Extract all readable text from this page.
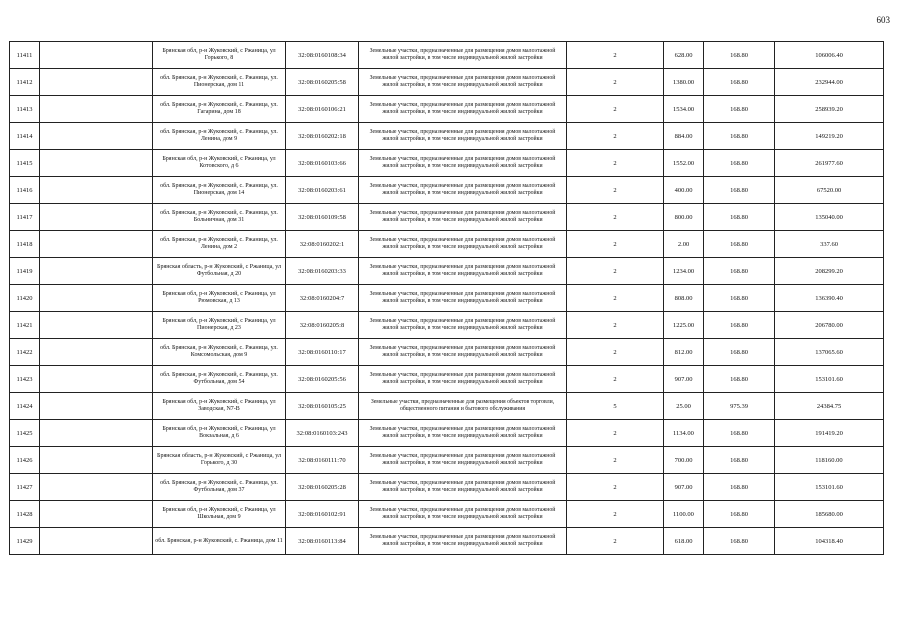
603
11411		Брянская обл, р-н Жуковский, с Ржаница, ул Горького, 8	32:08:0160108:34	Земельные участки, предназначенные для размещения домов малоэтажной жилой застройки, в том числе индивидуальной жилой застройки	2	628.00	168.80	106006.40
11412		обл. Брянская, р-н Жуковский, с. Ржаница, ул. Пионерская, дом 11	32:08:0160205:58	Земельные участки, предназначенные для размещения домов малоэтажной жилой застройки, в том числе индивидуальной жилой застройки	2	1380.00	168.80	232944.00
11413		обл. Брянская, р-н Жуковский, с. Ржаница, ул. Гагарина, дом 18	32:08:0160106:21	Земельные участки, предназначенные для размещения домов малоэтажной жилой застройки, в том числе индивидуальной жилой застройки	2	1534.00	168.80	258939.20
11414		обл. Брянская, р-н Жуковский, с. Ржаница, ул. Ленина, дом 9	32:08:0160202:18	Земельные участки, предназначенные для размещения домов малоэтажной жилой застройки, в том числе индивидуальной жилой застройки	2	884.00	168.80	149219.20
11415		Брянская обл, р-н Жуковский, с Ржаница, ул Котовского, д 6	32:08:0160103:66	Земельные участки, предназначенные для размещения домов малоэтажной жилой застройки, в том числе индивидуальной жилой застройки	2	1552.00	168.80	261977.60
11416		обл. Брянская, р-н Жуковский, с. Ржаница, ул. Пионерская, дом 14	32:08:0160203:61	Земельные участки, предназначенные для размещения домов малоэтажной жилой застройки, в том числе индивидуальной жилой застройки	2	400.00	168.80	67520.00
11417		обл. Брянская, р-н Жуковский, с. Ржаница, ул. Больничная, дом 31	32:08:0160109:58	Земельные участки, предназначенные для размещения домов малоэтажной жилой застройки, в том числе индивидуальной жилой застройки	2	800.00	168.80	135040.00
11418		обл. Брянская, р-н Жуковский, с. Ржаница, ул. Ленина, дом 2	32:08:0160202:1	Земельные участки, предназначенные для размещения домов малоэтажной жилой застройки, в том числе индивидуальной жилой застройки	2	2.00	168.80	337.60
11419		Брянская область, р-н Жуковский, с Ржаница, ул Футбольная, д 20	32:08:0160203:33	Земельные участки, предназначенные для размещения домов малоэтажной жилой застройки, в том числе индивидуальной жилой застройки	2	1234.00	168.80	208299.20
11420		Брянская обл, р-н Жуковский, с Ржаница, ул Рюмовская, д 13	32:08:0160204:7	Земельные участки, предназначенные для размещения домов малоэтажной жилой застройки, в том числе индивидуальной жилой застройки	2	808.00	168.80	136390.40
11421		Брянская обл, р-н Жуковский, с Ржаница, ул Пионерская, д 23	32:08:0160205:8	Земельные участки, предназначенные для размещения домов малоэтажной жилой застройки, в том числе индивидуальной жилой застройки	2	1225.00	168.80	206780.00
11422		обл. Брянская, р-н Жуковский, с. Ржаница, ул. Комсомольская, дом 9	32:08:0160110:17	Земельные участки, предназначенные для размещения домов малоэтажной жилой застройки, в том числе индивидуальной жилой застройки	2	812.00	168.80	137065.60
11423		обл. Брянская, р-н Жуковский, с. Ржаница, ул. Футбольная, дом 54	32:08:0160205:56	Земельные участки, предназначенные для размещения домов малоэтажной жилой застройки, в том числе индивидуальной жилой застройки	2	907.00	168.80	153101.60
11424		Брянская обл, р-н Жуковский, с Ржаница, ул Заводская, N7-В	32:08:0160105:25	Земельные участки, предназначенные для размещения объектов торговли, общественного питания и бытового обслуживания	5	25.00	975.39	24384.75
11425		Брянская обл, р-н Жуковский, с Ржаница, ул Вокзальная, д 6	32:08:0160103:243	Земельные участки, предназначенные для размещения домов малоэтажной жилой застройки, в том числе индивидуальной жилой застройки	2	1134.00	168.80	191419.20
11426		Брянская область, р-н Жуковский, с Ржаница, ул Горького, д 30	32:08:0160111:70	Земельные участки, предназначенные для размещения домов малоэтажной жилой застройки, в том числе индивидуальной жилой застройки	2	700.00	168.80	118160.00
11427		обл. Брянская, р-н Жуковский, с. Ржаница, ул. Футбольная, дом 37	32:08:0160205:28	Земельные участки, предназначенные для размещения домов малоэтажной жилой застройки, в том числе индивидуальной жилой застройки	2	907.00	168.80	153101.60
11428		Брянская обл, р-н Жуковский, с Ржаница, ул Школьная, дом 9	32:08:0160102:91	Земельные участки, предназначенные для размещения домов малоэтажной жилой застройки, в том числе индивидуальной жилой застройки	2	1100.00	168.80	185680.00
11429		обл. Брянская, р-н Жуковский, с. Ржаница, дом 11	32:08:0160113:84	Земельные участки, предназначенные для размещения домов малоэтажной жилой застройки, в том числе индивидуальной жилой застройки	2	618.00	168.80	104318.40
